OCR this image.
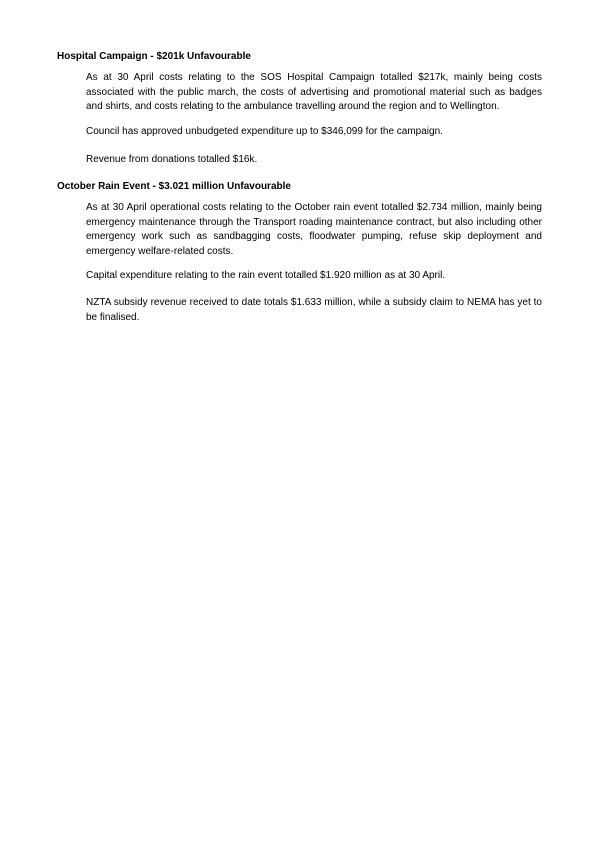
Hospital Campaign - $201k Unfavourable
As at 30 April costs relating to the SOS Hospital Campaign totalled $217k, mainly being costs associated with the public march, the costs of advertising and promotional material such as badges and shirts, and costs relating to the ambulance travelling around the region and to Wellington.
Council has approved unbudgeted expenditure up to $346,099 for the campaign.
Revenue from donations totalled $16k.
October Rain Event - $3.021 million Unfavourable
As at 30 April operational costs relating to the October rain event totalled $2.734 million, mainly being emergency maintenance through the Transport roading maintenance contract, but also including other emergency work such as sandbagging costs, floodwater pumping, refuse skip deployment and emergency welfare-related costs.
Capital expenditure relating to the rain event totalled $1.920 million as at 30 April.
NZTA subsidy revenue received to date totals $1.633 million, while a subsidy claim to NEMA has yet to be finalised.
